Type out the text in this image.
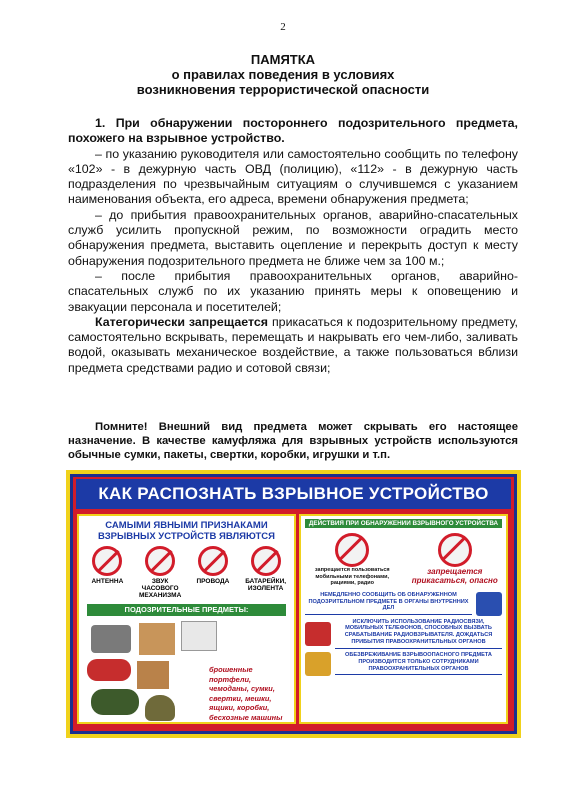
2
ПАМЯТКА
о правилах поведения в условиях
возникновения террористической опасности

1. При обнаружении постороннего подозрительного предмета, похожего на взрывное устройство.

– по указанию руководителя или самостоятельно сообщить по телефону «102» - в дежурную часть ОВД (полицию), «112» - в дежурную часть подразделения по чрезвычайным ситуациям о случившемся с указанием наименования объекта, его адреса, времени обнаружения предмета;

– до прибытия правоохранительных органов, аварийно-спасательных служб усилить пропускной режим, по возможности оградить место обнаружения предмета, выставить оцепление и перекрыть доступ к месту обнаружения подозрительного предмета не ближе чем за 100 м.;

– после прибытия правоохранительных органов, аварийно-спасательных служб по их указанию принять меры к оповещению и эвакуации персонала и посетителей;

Категорически запрещается прикасаться к подозрительному предмету, самостоятельно вскрывать, перемещать и накрывать его чем-либо, заливать водой, оказывать механическое воздействие, а также пользоваться вблизи предмета средствами радио и сотовой связи;

Помните! Внешний вид предмета может скрывать его настоящее назначение. В качестве камуфляжа для взрывных устройств используются обычные сумки, пакеты, свертки, коробки, игрушки и т.п.
КАК РАСПОЗНАТЬ ВЗРЫВНОЕ УСТРОЙСТВО
САМЫМИ ЯВНЫМИ ПРИЗНАКАМИ ВЗРЫВНЫХ УСТРОЙСТВ ЯВЛЯЮТСЯ
АНТЕННА	ЗВУК ЧАСОВОГО МЕХАНИЗМА
ПРОВОДА	БАТАРЕЙКИ, ИЗОЛЕНТА
ПОДОЗРИТЕЛЬНЫЕ ПРЕДМЕТЫ:
брошенные портфели,
чемоданы, сумки,
свертки, мешки,
ящики, коробки,
бесхозные машины
ДЕЙСТВИЯ ПРИ ОБНАРУЖЕНИИ ВЗРЫВНОГО УСТРОЙСТВА
запрещается пользоваться мобильными телефонами, рациями, радио
запрещается прикасаться, опасно
НЕМЕДЛЕННО СООБЩИТЬ ОБ ОБНАРУЖЕННОМ ПОДОЗРИТЕЛЬНОМ ПРЕДМЕТЕ В ОРГАНЫ ВНУТРЕННИХ ДЕЛ
ИСКЛЮЧИТЬ ИСПОЛЬЗОВАНИЕ РАДИОСВЯЗИ, МОБИЛЬНЫХ ТЕЛЕФОНОВ, СПОСОБНЫХ ВЫЗВАТЬ СРАБАТЫВАНИЕ РАДИОВЗРЫВАТЕЛЯ. ДОЖДАТЬСЯ ПРИБЫТИЯ ПРАВООХРАНИТЕЛЬНЫХ ОРГАНОВ
ОБЕЗВРЕЖИВАНИЕ ВЗРЫВООПАСНОГО ПРЕДМЕТА ПРОИЗВОДИТСЯ ТОЛЬКО СОТРУДНИКАМИ ПРАВООХРАНИТЕЛЬНЫХ ОРГАНОВ
